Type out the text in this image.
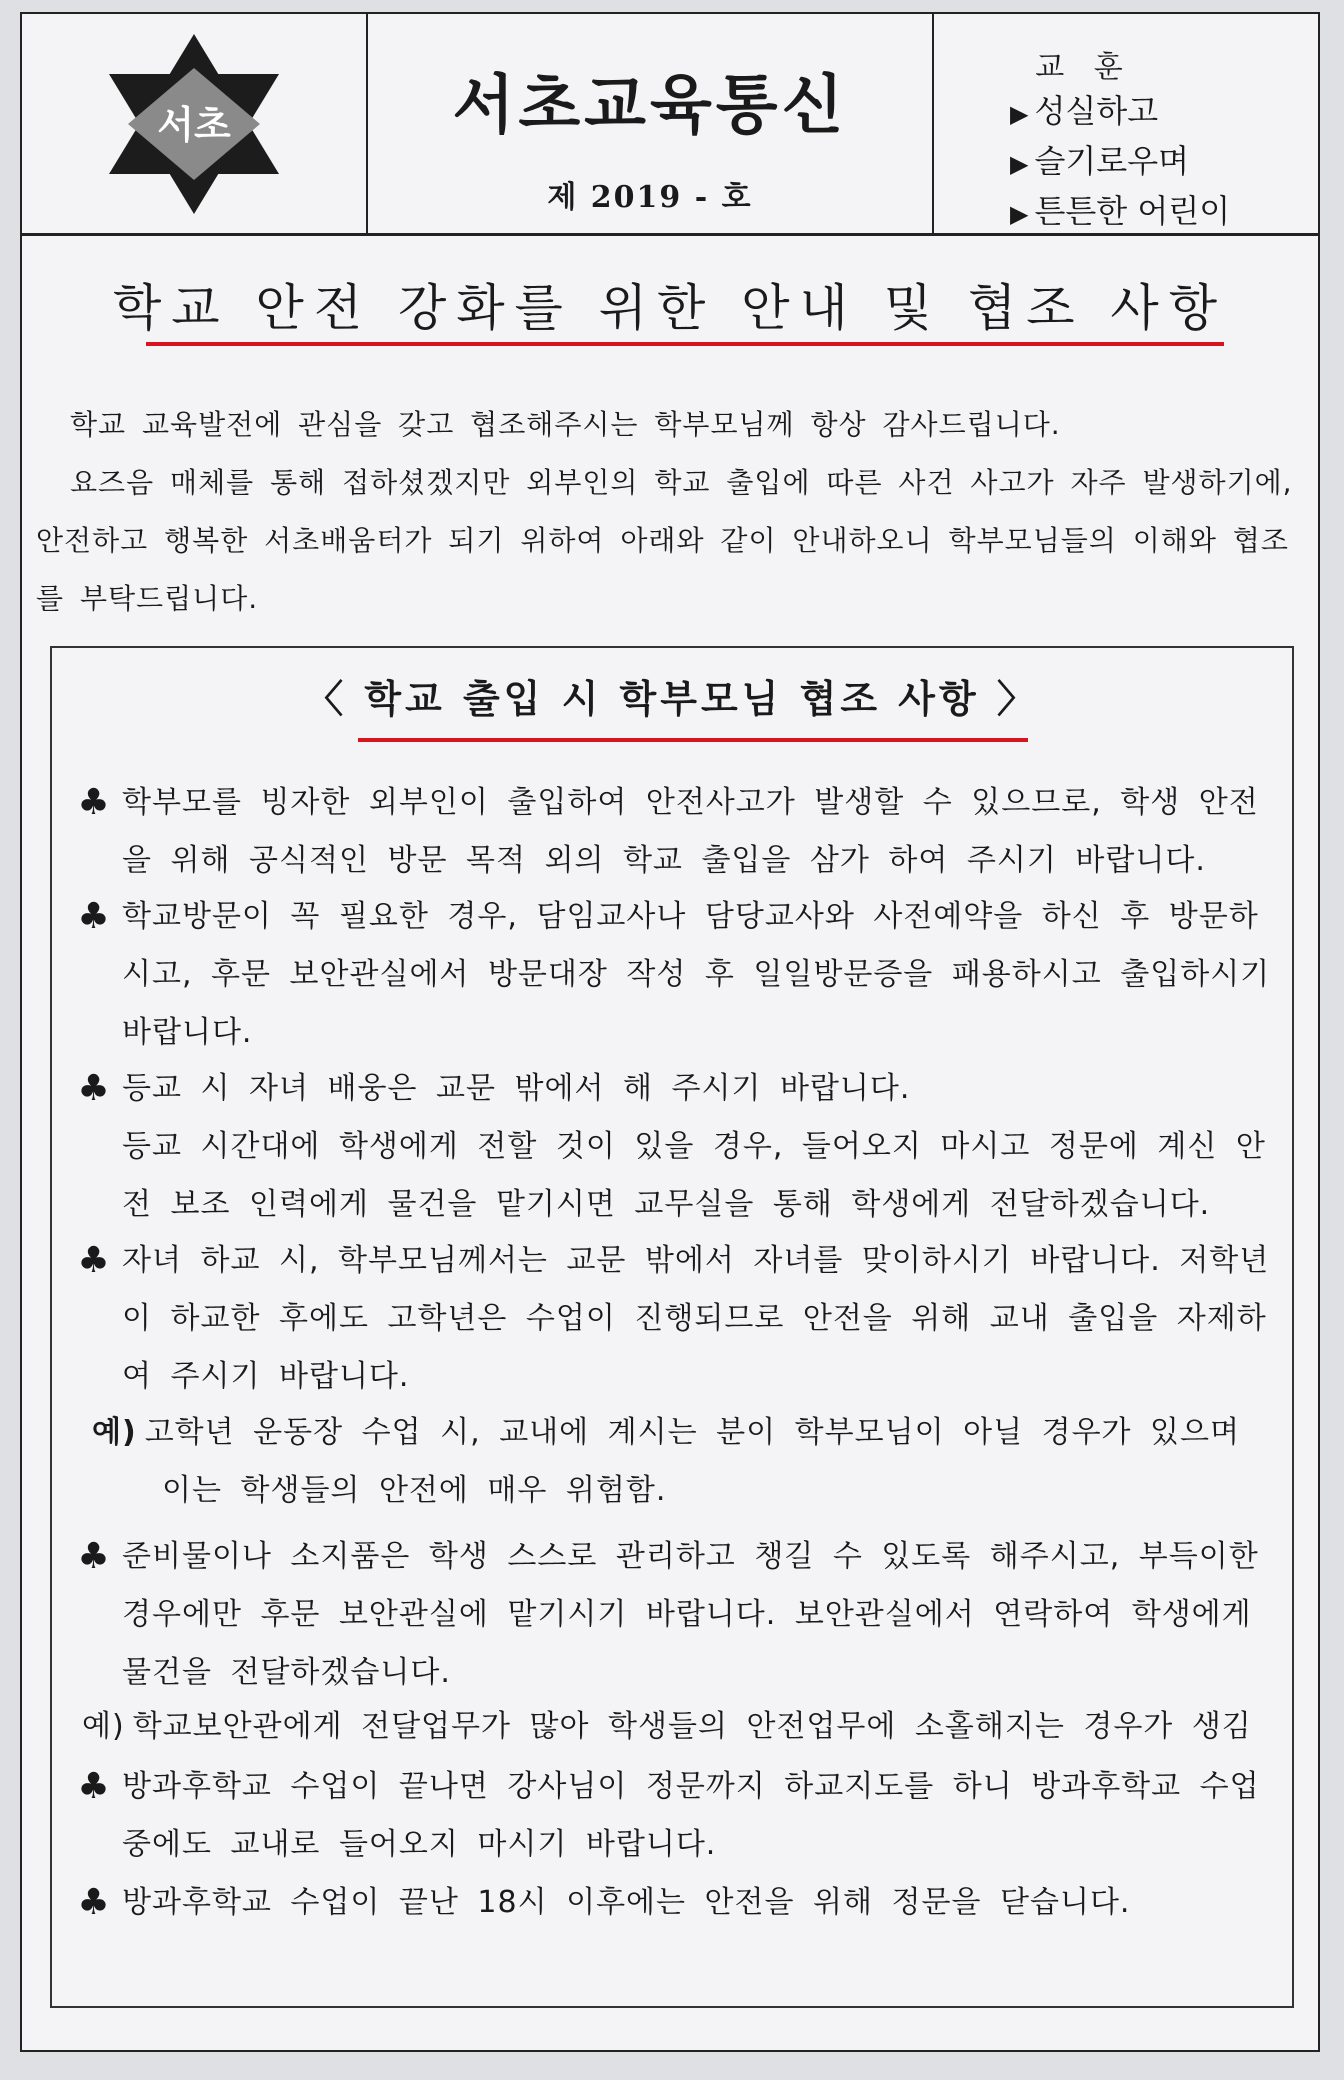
서초	서초교육통신
제 2019 - 호
교 훈
▶ 성실하고
▶ 슬기로우며
▶ 튼튼한 어린이
학교 안전 강화를 위한 안내 및 협조 사항

학교 교육발전에 관심을 갖고 협조해주시는 학부모님께 항상 감사드립니다.

요즈음 매체를 통해 접하셨겠지만 외부인의 학교 출입에 따른 사건 사고가 자주 발생하기에, 안전하고 행복한 서초배움터가 되기 위하여 아래와 같이 안내하오니 학부모님들의 이해와 협조를 부탁드립니다.

〈 학교 출입 시 학부모님 협조 사항 〉
♣ 학부모를 빙자한 외부인이 출입하여 안전사고가 발생할 수 있으므로, 학생 안전을 위해 공식적인 방문 목적 외의 학교 출입을 삼가 하여 주시기 바랍니다.

♣ 학교방문이 꼭 필요한 경우, 담임교사나 담당교사와 사전예약을 하신 후 방문하시고, 후문 보안관실에서 방문대장 작성 후 일일방문증을 패용하시고 출입하시기 바랍니다.

♣ 등교 시 자녀 배웅은 교문 밖에서 해 주시기 바랍니다.

등교 시간대에 학생에게 전할 것이 있을 경우, 들어오지 마시고 정문에 계신 안전 보조 인력에게 물건을 맡기시면 교무실을 통해 학생에게 전달하겠습니다.

♣ 자녀 하교 시, 학부모님께서는 교문 밖에서 자녀를 맞이하시기 바랍니다. 저학년이 하교한 후에도 고학년은 수업이 진행되므로 안전을 위해 교내 출입을 자제하여 주시기 바랍니다.

예) 고학년 운동장 수업 시, 교내에 계시는 분이 학부모님이 아닐 경우가 있으며
이는 학생들의 안전에 매우 위험함.
♣ 준비물이나 소지품은 학생 스스로 관리하고 챙길 수 있도록 해주시고, 부득이한 경우에만 후문 보안관실에 맡기시기 바랍니다. 보안관실에서 연락하여 학생에게 물건을 전달하겠습니다.

예) 학교보안관에게 전달업무가 많아 학생들의 안전업무에 소홀해지는 경우가 생김
♣ 방과후학교 수업이 끝나면 강사님이 정문까지 하교지도를 하니 방과후학교 수업 중에도 교내로 들어오지 마시기 바랍니다.

♣ 방과후학교 수업이 끝난 18시 이후에는 안전을 위해 정문을 닫습니다.
